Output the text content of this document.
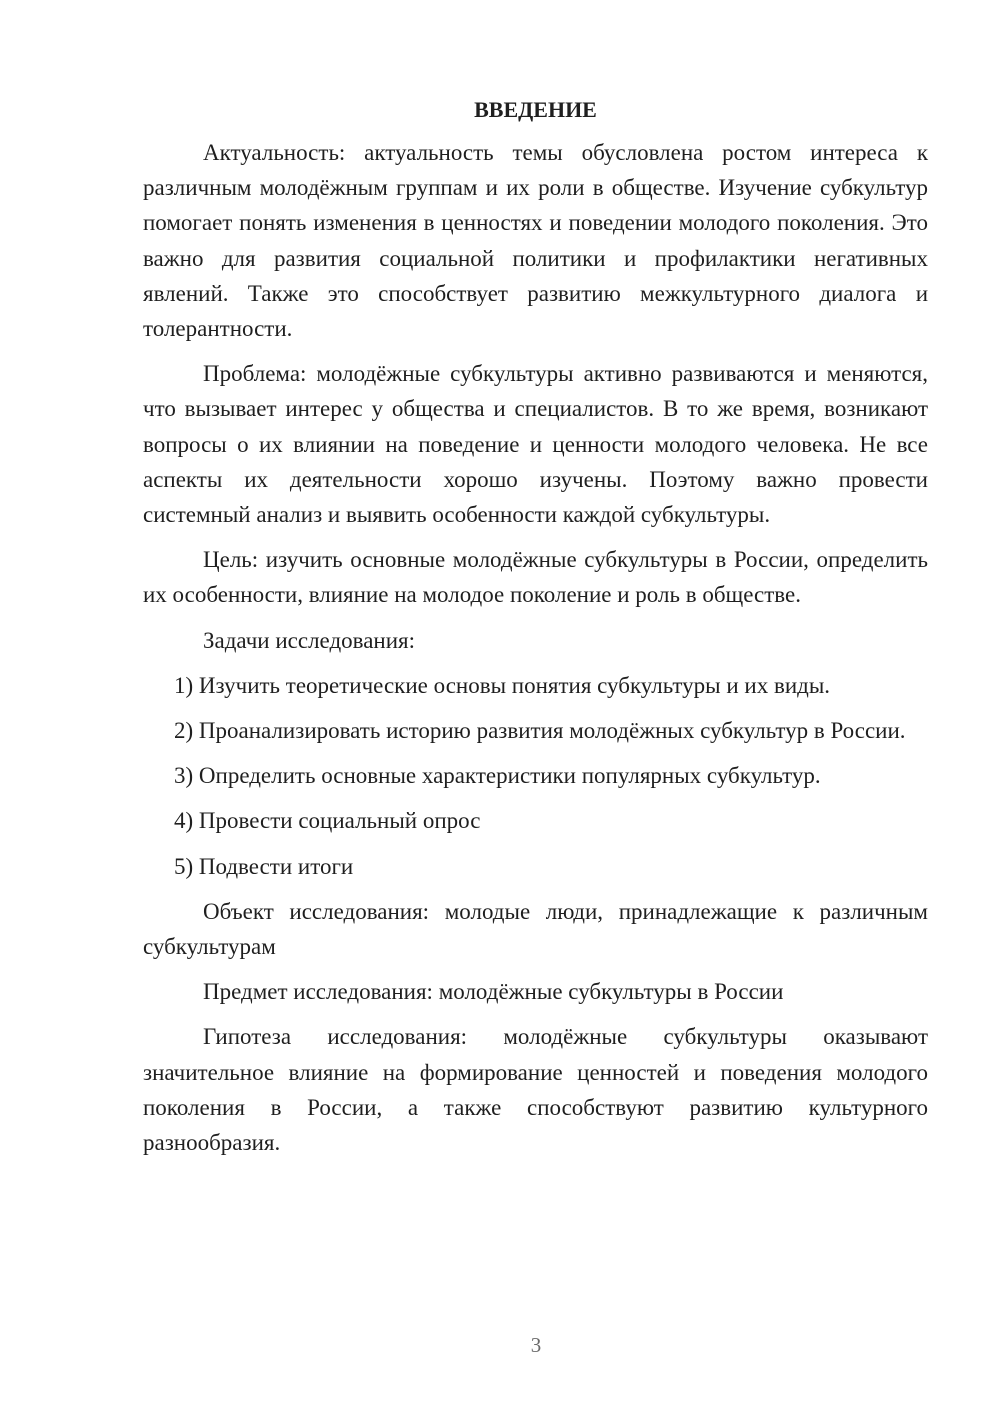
ВВЕДЕНИЕ

Актуальность: актуальность темы обусловлена ростом интереса к различным молодёжным группам и их роли в обществе. Изучение субкультур помогает понять изменения в ценностях и поведении молодого поколения. Это важно для развития социальной политики и профилактики негативных явлений. Также это способствует развитию межкультурного диалога и толерантности.

Проблема: молодёжные субкультуры активно развиваются и меняются, что вызывает интерес у общества и специалистов. В то же время, возникают вопросы о их влиянии на поведение и ценности молодого человека. Не все аспекты их деятельности хорошо изучены. Поэтому важно провести системный анализ и выявить особенности каждой субкультуры.

Цель: изучить основные молодёжные субкультуры в России, определить их особенности, влияние на молодое поколение и роль в обществе.

Задачи исследования:

1) Изучить теоретические основы понятия субкультуры и их виды.

2) Проанализировать историю развития молодёжных субкультур в России.

3) Определить основные характеристики популярных субкультур.

4) Провести социальный опрос

5) Подвести итоги

Объект исследования: молодые люди, принадлежащие к различным субкультурам

Предмет исследования: молодёжные субкультуры в России

Гипотеза исследования: молодёжные субкультуры оказывают значительное влияние на формирование ценностей и поведения молодого поколения в России, а также способствуют развитию культурного разнообразия.

3
